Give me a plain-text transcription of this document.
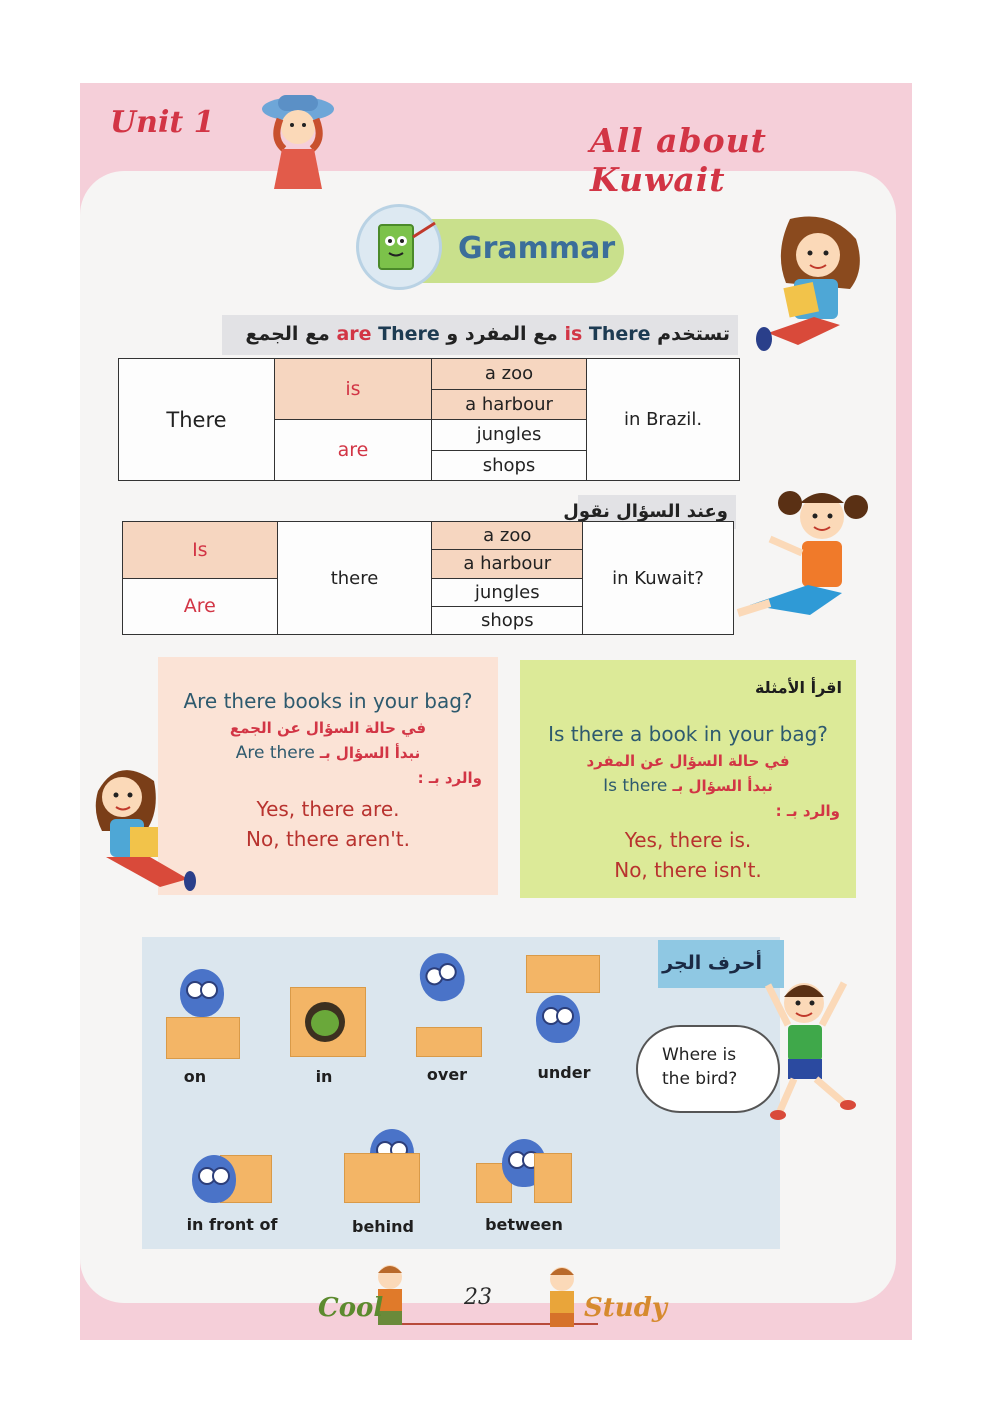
Unit 1	All about Kuwait
Grammar
تستخدم is There مع المفرد و are There مع الجمع
There	is	a zoo	in Brazil.
		a harbour	
	are	jungles	
		shops	
وعند السؤال نقول
Is	there	a zoo	in Kuwait?
		a harbour	
Are		jungles	
		shops	
Are there books in your bag?
في حالة السؤال عن الجمع
Are there نبدأ السؤال بـ
والرد بـ :
Yes, there are.
No, there aren't.
اقرأ الأمثلة
Is there a book in your bag?
في حالة السؤال عن المفرد
Is there نبدأ السؤال بـ
والرد بـ :
Yes, there is.
No, there isn't.
أحرف الجر
on	in	over	under
Where is
the bird?
in front of	behind	between
Cool	23	Study
